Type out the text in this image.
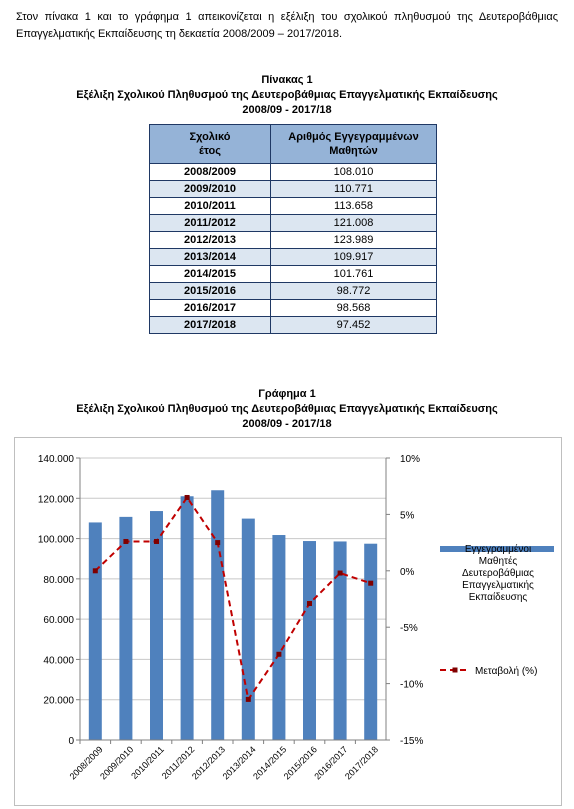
Στον πίνακα 1 και το γράφημα 1 απεικονίζεται η εξέλιξη του σχολικού πληθυσμού της Δευτεροβάθμιας Επαγγελματικής Εκπαίδευσης τη δεκαετία 2008/2009 – 2017/2018.

Πίνακας 1
Εξέλιξη Σχολικού Πληθυσμού της Δευτεροβάθμιας Επαγγελματικής Εκπαίδευσης
2008/09 - 2017/18
Σχολικό
έτος	Αριθμός Εγγεγραμμένων
Μαθητών
2008/2009	108.010
2009/2010	110.771
2010/2011	113.658
2011/2012	121.008
2012/2013	123.989
2013/2014	109.917
2014/2015	101.761
2015/2016	98.772
2016/2017	98.568
2017/2018	97.452
Γράφημα 1
Εξέλιξη Σχολικού Πληθυσμού της Δευτεροβάθμιας Επαγγελματικής Εκπαίδευσης
2008/09 - 2017/18
0
20.000
40.000
60.000
80.000
100.000
120.000
140.000
-15%
-10%
-5%
0%
5%
10%
2008/2009
2009/2010
2010/2011
2011/2012
2012/2013
2013/2014
2014/2015
2015/2016
2016/2017
2017/2018
Εγγεγραμμένοι Μαθητές Δευτεροβάθμιας Επαγγελματικής Εκπαίδευσης
Μεταβολή (%)
